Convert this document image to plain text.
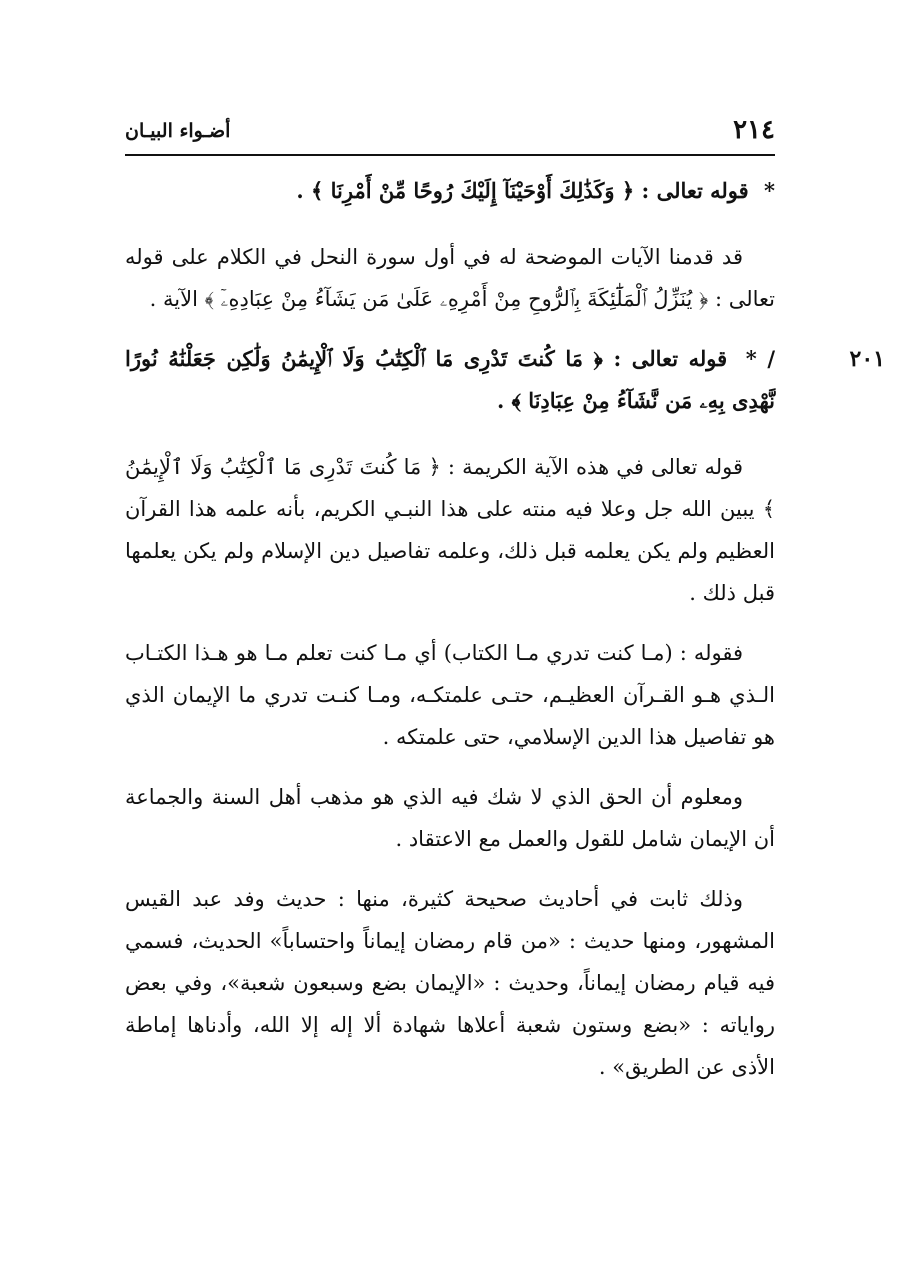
٢١٤
أضـواء البيـان
* قوله تعالى : ﴿ وَكَذَٰلِكَ أَوْحَيْنَآ إِلَيْكَ رُوحًا مِّنْ أَمْرِنَا ﴾ .

قد قدمنا الآيات الموضحة له في أول سورة النحل في الكلام على قوله تعالى : ﴿ يُنَزِّلُ ٱلْمَلَٰٓئِكَةَ بِٱلرُّوحِ مِنْ أَمْرِهِۦ عَلَىٰ مَن يَشَآءُ مِنْ عِبَادِهِۦٓ ﴾ الآية .

٢٠١
/ * قوله تعالى : ﴿ مَا كُنتَ تَدْرِى مَا ٱلْكِتَٰبُ وَلَا ٱلْإِيمَٰنُ وَلَٰكِن جَعَلْنَٰهُ نُورًا نَّهْدِى بِهِۦ مَن نَّشَآءُ مِنْ عِبَادِنَا ﴾ .

قوله تعالى في هذه الآية الكريمة : ﴿ مَا كُنتَ تَدْرِى مَا ٱلْكِتَٰبُ وَلَا ٱلْإِيمَٰنُ ﴾ يبين الله جل وعلا فيه منته على هذا النبـي الكريم، بأنه علمه هذا القرآن العظيم ولم يكن يعلمه قبل ذلك، وعلمه تفاصيل دين الإسلام ولم يكن يعلمها قبل ذلك .

فقوله : (مـا كنت تدري مـا الكتاب) أي مـا كنت تعلم مـا هو هـذا الكتـاب الـذي هـو القـرآن العظيـم، حتـى علمتكـه، ومـا كنـت تدري ما الإيمان الذي هو تفاصيل هذا الدين الإسلامي، حتى علمتكه .

ومعلوم أن الحق الذي لا شك فيه الذي هو مذهب أهل السنة والجماعة أن الإيمان شامل للقول والعمل مع الاعتقاد .

وذلك ثابت في أحاديث صحيحة كثيرة، منها : حديث وفد عبد القيس المشهور، ومنها حديث : «من قام رمضان إيماناً واحتساباً» الحديث، فسمي فيه قيام رمضان إيماناً، وحديث : «الإيمان بضع وسبعون شعبة»، وفي بعض رواياته : «بضع وستون شعبة أعلاها شهادة ألا إله إلا الله، وأدناها إماطة الأذى عن الطريق» .
